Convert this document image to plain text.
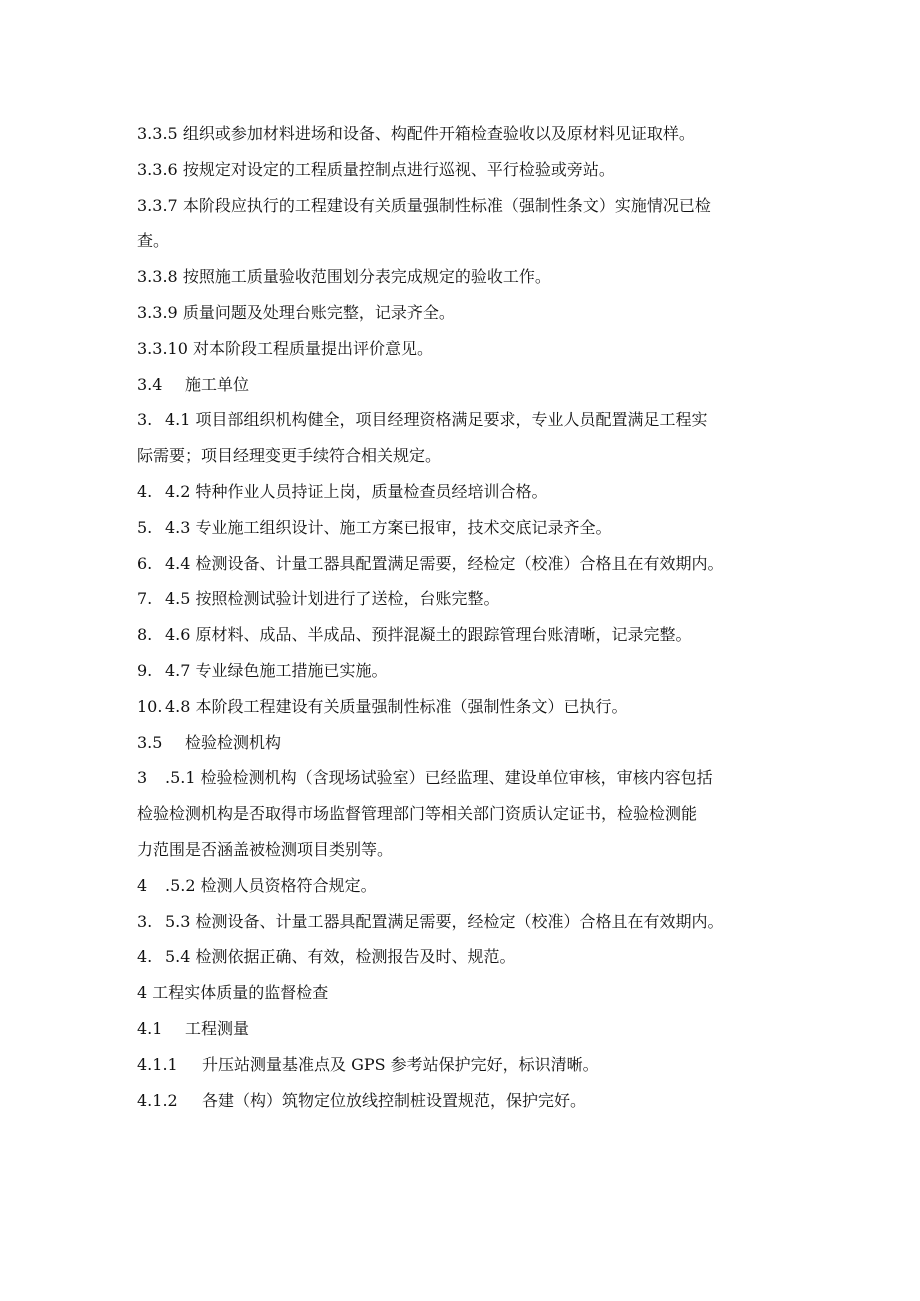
3.3.5 组织或参加材料进场和设备、构配件开箱检查验收以及原材料见证取样。

3.3.6 按规定对设定的工程质量控制点进行巡视、平行检验或旁站。

3.3.7 本阶段应执行的工程建设有关质量强制性标准（强制性条文）实施情况已检

查。

3.3.8 按照施工质量验收范围划分表完成规定的验收工作。

3.3.9 质量问题及处理台账完整，记录齐全。

3.3.10 对本阶段工程质量提出评价意见。

3.4 施工单位

3. 4.1 项目部组织机构健全，项目经理资格满足要求，专业人员配置满足工程实

际需要；项目经理变更手续符合相关规定。

4. 4.2 特种作业人员持证上岗，质量检查员经培训合格。

5. 4.3 专业施工组织设计、施工方案已报审，技术交底记录齐全。

6. 4.4 检测设备、计量工器具配置满足需要，经检定（校准）合格且在有效期内。

7. 4.5 按照检测试验计划进行了送检，台账完整。

8. 4.6 原材料、成品、半成品、预拌混凝土的跟踪管理台账清晰，记录完整。

9. 4.7 专业绿色施工措施已实施。

10. 4.8 本阶段工程建设有关质量强制性标准（强制性条文）已执行。

3.5 检验检测机构

3 .5.1 检验检测机构（含现场试验室）已经监理、建设单位审核，审核内容包括

检验检测机构是否取得市场监督管理部门等相关部门资质认定证书，检验检测能

力范围是否涵盖被检测项目类别等。

4 .5.2 检测人员资格符合规定。

3. 5.3 检测设备、计量工器具配置满足需要，经检定（校准）合格且在有效期内。

4. 5.4 检测依据正确、有效，检测报告及时、规范。

4 工程实体质量的监督检查

4.1 工程测量

4.1.1 升压站测量基准点及 GPS 参考站保护完好，标识清晰。

4.1.2 各建（构）筑物定位放线控制桩设置规范，保护完好。
